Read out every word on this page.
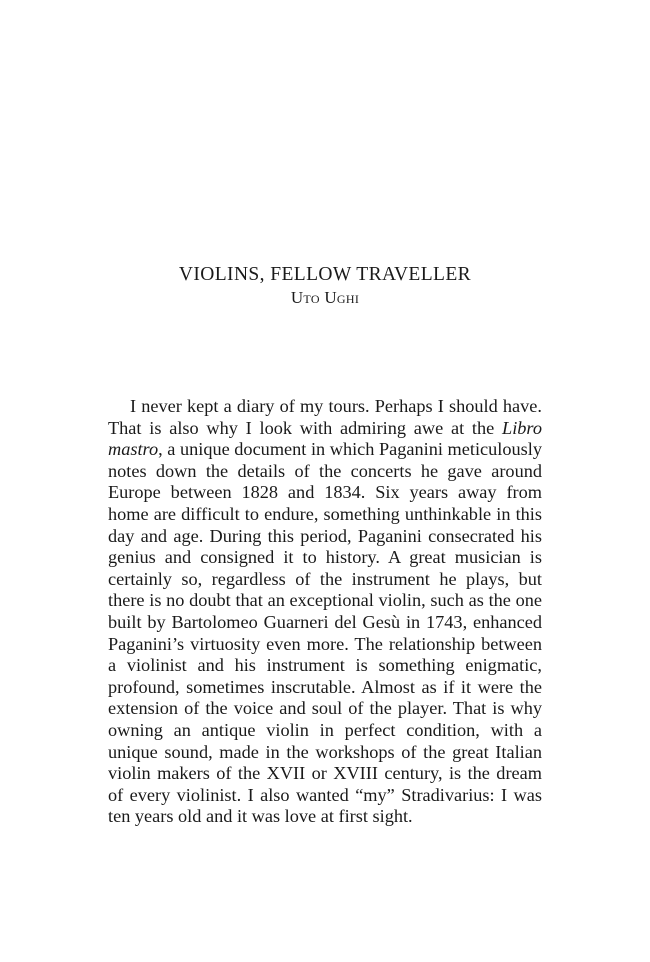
VIOLINS, FELLOW TRAVELLER
Uto Ughi

I never kept a diary of my tours. Perhaps I should have. That is also why I look with admiring awe at the Libro mastro, a unique document in which Paganini meticulously notes down the details of the concerts he gave around Europe between 1828 and 1834. Six years away from home are difficult to endure, something unthinkable in this day and age. During this period, Paganini consecrated his genius and consigned it to history. A great musician is certainly so, regardless of the instrument he plays, but there is no doubt that an exceptional violin, such as the one built by Bartolomeo Guarneri del Gesù in 1743, enhanced Paganini’s virtuosity even more. The relationship between a violinist and his instrument is something enigmatic, profound, sometimes inscrutable. Almost as if it were the extension of the voice and soul of the player. That is why owning an antique violin in perfect condition, with a unique sound, made in the workshops of the great Italian violin makers of the XVII or XVIII century, is the dream of every violinist. I also wanted “my” Stradivarius: I was ten years old and it was love at first sight.
